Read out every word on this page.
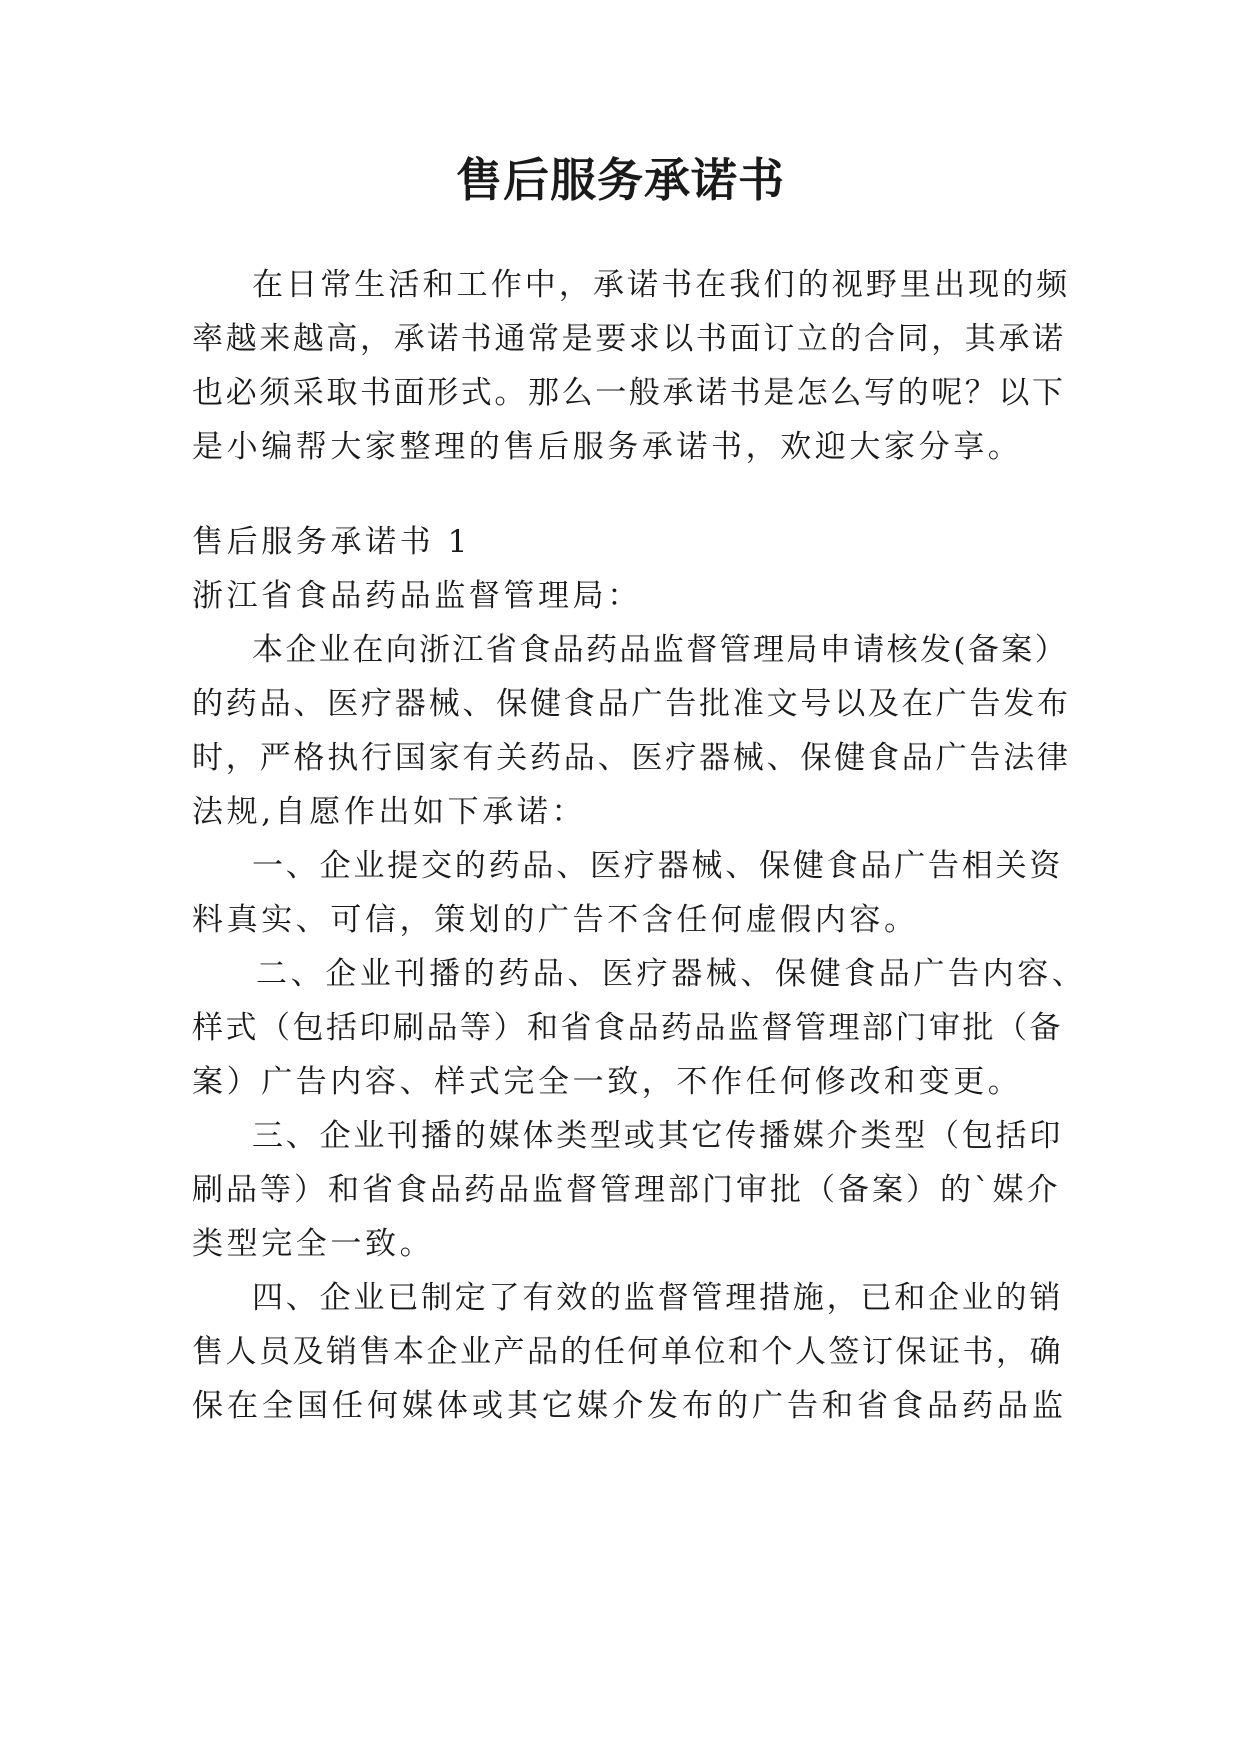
售后服务承诺书
在日常生活和工作中，承诺书在我们的视野里出现的频
率越来越高，承诺书通常是要求以书面订立的合同，其承诺
也必须采取书面形式。那么一般承诺书是怎么写的呢？以下
是小编帮大家整理的售后服务承诺书，欢迎大家分享。
售后服务承诺书 1
浙江省食品药品监督管理局：
本企业在向浙江省食品药品监督管理局申请核发(备案）
的药品、医疗器械、保健食品广告批准文号以及在广告发布
时，严格执行国家有关药品、医疗器械、保健食品广告法律
法规,自愿作出如下承诺：
一、企业提交的药品、医疗器械、保健食品广告相关资
料真实、可信，策划的广告不含任何虚假内容。
二、企业刊播的药品、医疗器械、保健食品广告内容、
样式（包括印刷品等）和省食品药品监督管理部门审批（备
案）广告内容、样式完全一致，不作任何修改和变更。
三、企业刊播的媒体类型或其它传播媒介类型（包括印
刷品等）和省食品药品监督管理部门审批（备案）的`媒介
类型完全一致。
四、企业已制定了有效的监督管理措施，已和企业的销
售人员及销售本企业产品的任何单位和个人签订保证书，确
保在全国任何媒体或其它媒介发布的广告和省食品药品监
